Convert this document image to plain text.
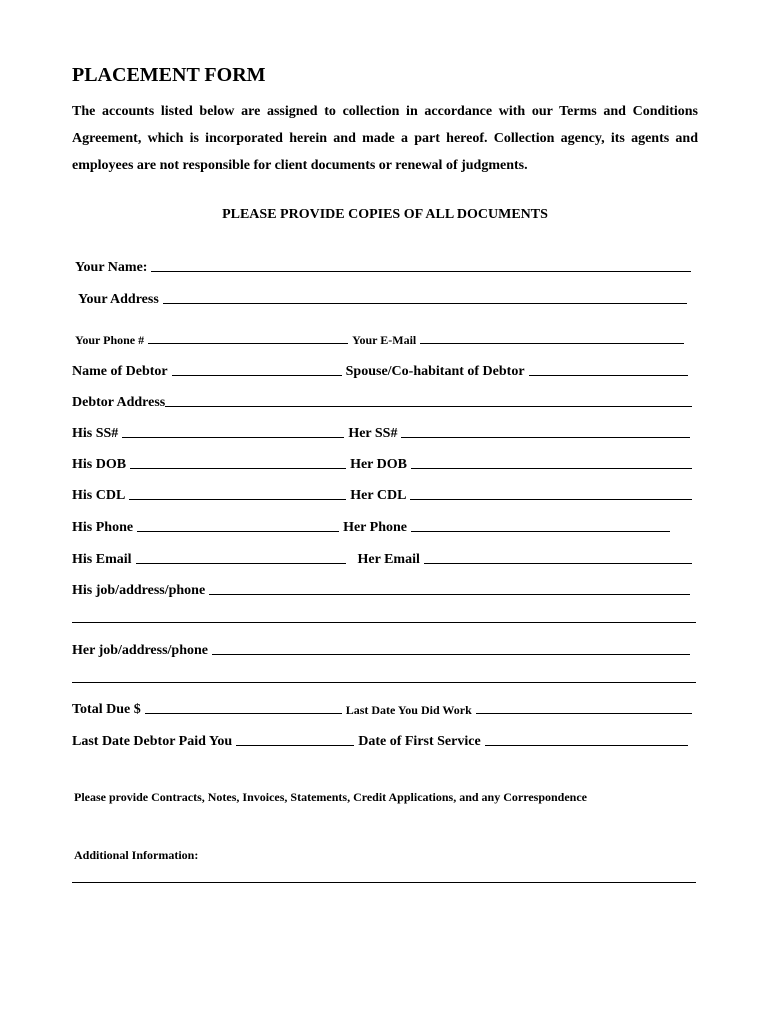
PLACEMENT FORM
The accounts listed below are assigned to collection in accordance with our Terms and Conditions Agreement, which is incorporated herein and made a part hereof. Collection agency, its agents and employees are not responsible for client documents or renewal of judgments.
PLEASE PROVIDE COPIES OF ALL DOCUMENTS
Your Name:
Your Address
Your Phone #	Your E-Mail
Name of Debtor	Spouse/Co-habitant of Debtor
Debtor Address
His SS#	Her SS#
His DOB	Her DOB
His CDL	Her CDL
His Phone	Her Phone
His Email	Her Email
His job/address/phone
Her job/address/phone
Total Due $	Last Date You Did Work
Last Date Debtor Paid You	Date of First Service
Please provide Contracts, Notes, Invoices, Statements, Credit Applications, and any Correspondence
Additional Information:
